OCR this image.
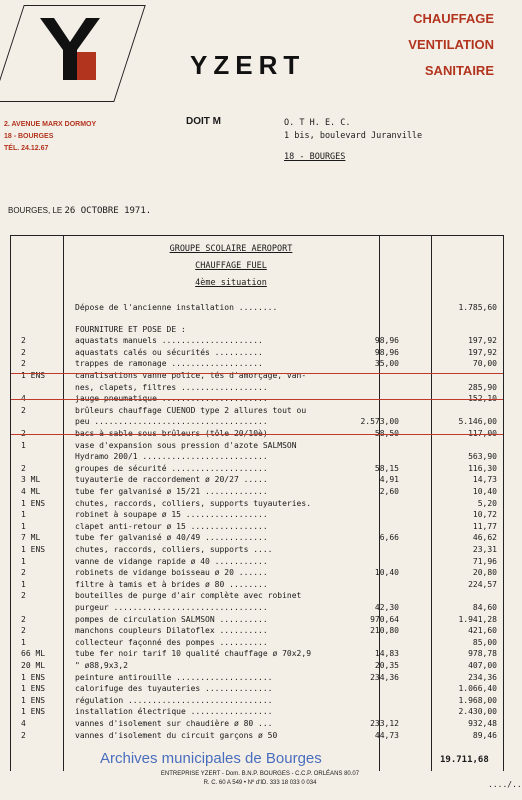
YZERT
CHAUFFAGE
VENTILATION
SANITAIRE
2. AVENUE MARX DORMOY
18 - BOURGES
TÉL. 24.12.67
DOIT M	O. T H. E. C.
1 bis, boulevard Juranville
18 - BOURGES
BOURGES, LE 26 OCTOBRE 1971.
GROUPE SCOLAIRE AEROPORT
CHAUFFAGE FUEL
4ème situation
Dépose de l'ancienne installation ........	1.785,60
FOURNITURE ET POSE DE :
2	aquastats manuels .....................	98,96	197,92
2	aquastats calés ou sécurités ..........	98,96	197,92
2	trappes de ramonage ...................	35,00	70,00
1 ENS	canalisations vanne police, tés d'amorçage, van-
nes, clapets, filtres ..................	285,90
4	jauge pneumatique ......................	152,10
2	brûleurs chauffage CUENOD type 2 allures tout ou
peu ....................................	2.573,00	5.146,00
2	bacs à sable sous brûleurs (tôle 20/10è)	58,50	117,00
1	vase d'expansion sous pression d'azote SALMSON
Hydramo 200/1 ..........................	563,90
2	groupes de sécurité ....................	58,15	116,30
3 ML	tuyauterie de raccordement ø 20/27 .....	4,91	14,73
4 ML	tube fer galvanisé ø 15/21 .............	2,60	10,40
1 ENS	chutes, raccords, colliers, supports tuyauteries.	5,20
1	robinet à soupape ø 15 .................	10,72
1	clapet anti-retour ø 15 ................	11,77
7 ML	tube fer galvanisé ø 40/49 .............	6,66	46,62
1 ENS	chutes, raccords, colliers, supports ....	23,31
1	vanne de vidange rapide ø 40 ...........	71,96
2	robinets de vidange boisseau ø 20 ......	10,40	20,80
1	filtre à tamis et à brides ø 80 ........	224,57
2	bouteilles de purge d'air complète avec robinet
purgeur ................................	42,30	84,60
2	pompes de circulation SALMSON ..........	970,64	1.941,28
2	manchons coupleurs Dilatoflex ..........	210,80	421,60
1	collecteur façonné des pompes ..........	85,00
66 ML	tube fer noir tarif 10 qualité chauffage ø 70x2,9	14,83	978,78
20 ML	" ø88,9x3,2	20,35	407,00
1 ENS	peinture antirouille ....................	234,36	234,36
1 ENS	calorifuge des tuyauteries ..............	1.066,40
1 ENS	régulation ..............................	1.968,00
1 ENS	installation électrique .................	2.430,00
4	vannes d'isolement sur chaudière ø 80 ...	233,12	932,48
2	vannes d'isolement du circuit garçons ø 50	44,73	89,46
Archives municipales de Bourges	19.711,68
..../..
ENTREPRISE YZERT - Dom. B.N.P. BOURGES - C.C.P. ORLÉANS 80.07
R. C. 60 A 549 • Nº d'ID. 333 18 033 0 034
